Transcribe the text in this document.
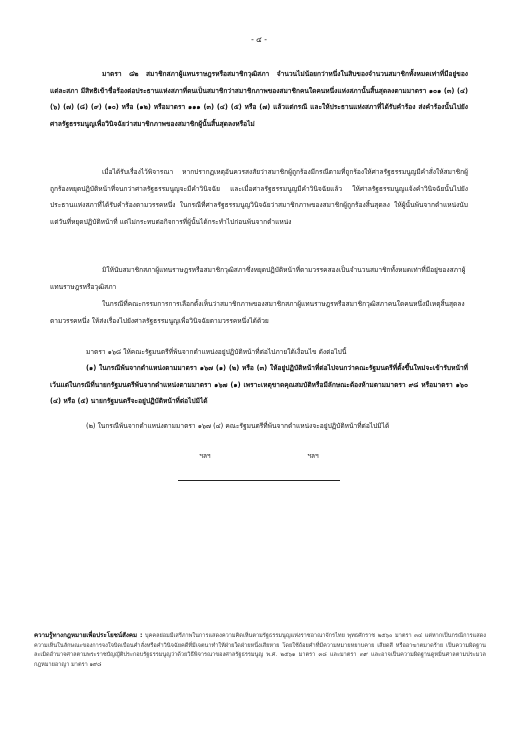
- ๔ -

มาตรา ๘๒ สมาชิกสภาผู้แทนราษฎรหรือสมาชิกวุฒิสภา จำนวนไม่น้อยกว่าหนึ่งในสิบของจำนวนสมาชิกทั้งหมดเท่าที่มีอยู่ของแต่ละสภา มีสิทธิเข้าชื่อร้องต่อประธานแห่งสภาที่ตนเป็นสมาชิกว่าสมาชิกภาพของสมาชิกคนใดคนหนึ่งแห่งสภานั้นสิ้นสุดลงตามมาตรา ๑๐๑ (๓) (๔) (๖) (๗) (๘) (๙) (๑๐) หรือ (๑๒) หรือมาตรา ๑๑๑ (๓) (๔) (๕) หรือ (๗) แล้วแต่กรณี และให้ประธานแห่งสภาที่ได้รับคำร้อง ส่งคำร้องนั้นไปยังศาลรัฐธรรมนูญเพื่อวินิจฉัยว่าสมาชิกภาพของสมาชิกผู้นั้นสิ้นสุดลงหรือไม่

เมื่อได้รับเรื่องไว้พิจารณา หากปรากฏเหตุอันควรสงสัยว่าสมาชิกผู้ถูกร้องมีกรณีตามที่ถูกร้องให้ศาลรัฐธรรมนูญมีคำสั่งให้สมาชิกผู้ถูกร้องหยุดปฏิบัติหน้าที่จนกว่าศาลรัฐธรรมนูญจะมีคำวินิจฉัย และเมื่อศาลรัฐธรรมนูญมีคำวินิจฉัยแล้ว ให้ศาลรัฐธรรมนูญแจ้งคำวินิจฉัยนั้นไปยังประธานแห่งสภาที่ได้รับคำร้องตามวรรคหนึ่ง ในกรณีที่ศาลรัฐธรรมนูญวินิจฉัยว่าสมาชิกภาพของสมาชิกผู้ถูกร้องสิ้นสุดลง ให้ผู้นั้นพ้นจากตำแหน่งนับแต่วันที่หยุดปฏิบัติหน้าที่ แต่ไม่กระทบต่อกิจการที่ผู้นั้นได้กระทำไปก่อนพ้นจากตำแหน่ง

มิให้นับสมาชิกสภาผู้แทนราษฎรหรือสมาชิกวุฒิสภาซึ่งหยุดปฏิบัติหน้าที่ตามวรรคสองเป็นจำนวนสมาชิกทั้งหมดเท่าที่มีอยู่ของสภาผู้แทนราษฎรหรือวุฒิสภา

ในกรณีที่คณะกรรมการการเลือกตั้งเห็นว่าสมาชิกภาพของสมาชิกสภาผู้แทนราษฎรหรือสมาชิกวุฒิสภาคนใดคนหนึ่งมีเหตุสิ้นสุดลงตามวรรคหนึ่ง ให้ส่งเรื่องไปยังศาลรัฐธรรมนูญเพื่อวินิจฉัยตามวรรคหนึ่งได้ด้วย

มาตรา ๑๖๘ ให้คณะรัฐมนตรีที่พ้นจากตำแหน่งอยู่ปฏิบัติหน้าที่ต่อไปภายใต้เงื่อนไข ดังต่อไปนี้

(๑) ในกรณีพ้นจากตำแหน่งตามมาตรา ๑๖๗ (๑) (๒) หรือ (๓) ให้อยู่ปฏิบัติหน้าที่ต่อไปจนกว่าคณะรัฐมนตรีที่ตั้งขึ้นใหม่จะเข้ารับหน้าที่ เว้นแต่ในกรณีที่นายกรัฐมนตรีพ้นจากตำแหน่งตามมาตรา ๑๖๗ (๑) เพราะเหตุขาดคุณสมบัติหรือมีลักษณะต้องห้ามตามมาตรา ๙๘ หรือมาตรา ๑๖๐ (๔) หรือ (๕) นายกรัฐมนตรีจะอยู่ปฏิบัติหน้าที่ต่อไปมิได้

(๒) ในกรณีพ้นจากตำแหน่งตามมาตรา ๑๖๗ (๔) คณะรัฐมนตรีที่พ้นจากตำแหน่งจะอยู่ปฏิบัติหน้าที่ต่อไปมิได้

ฯลฯ	ฯลฯ

ความรู้ทางกฎหมายเพื่อประโยชน์สังคม : บุคคลย่อมมีเสรีภาพในการแสดงความคิดเห็นตามรัฐธรรมนูญแห่งราชอาณาจักรไทย พุทธศักราช ๒๕๖๐ มาตรา ๓๔ แต่หากเป็นกรณีการแสดงความเห็นในลักษณะของการจงใจบิดเบือนคำสั่งหรือคำวินิจฉัยคดีที่มีเจตนาทำให้ฝ่ายใดฝ่ายหนึ่งเสียหาย โดยใช้ถ้อยคำที่มีความหมายหยาบคาย เสียดสี หรืออาฆาตมาดร้าย เป็นความผิดฐานละเมิดอำนาจศาลตามพระราชบัญญัติประกอบรัฐธรรมนูญว่าด้วยวิธีพิจารณาของศาลรัฐธรรมนูญ พ.ศ. ๒๕๖๑ มาตรา ๓๘ และมาตรา ๓๙ และอาจเป็นความผิดฐานดูหมิ่นศาลตามประมวลกฎหมายอาญา มาตรา ๑๙๘
